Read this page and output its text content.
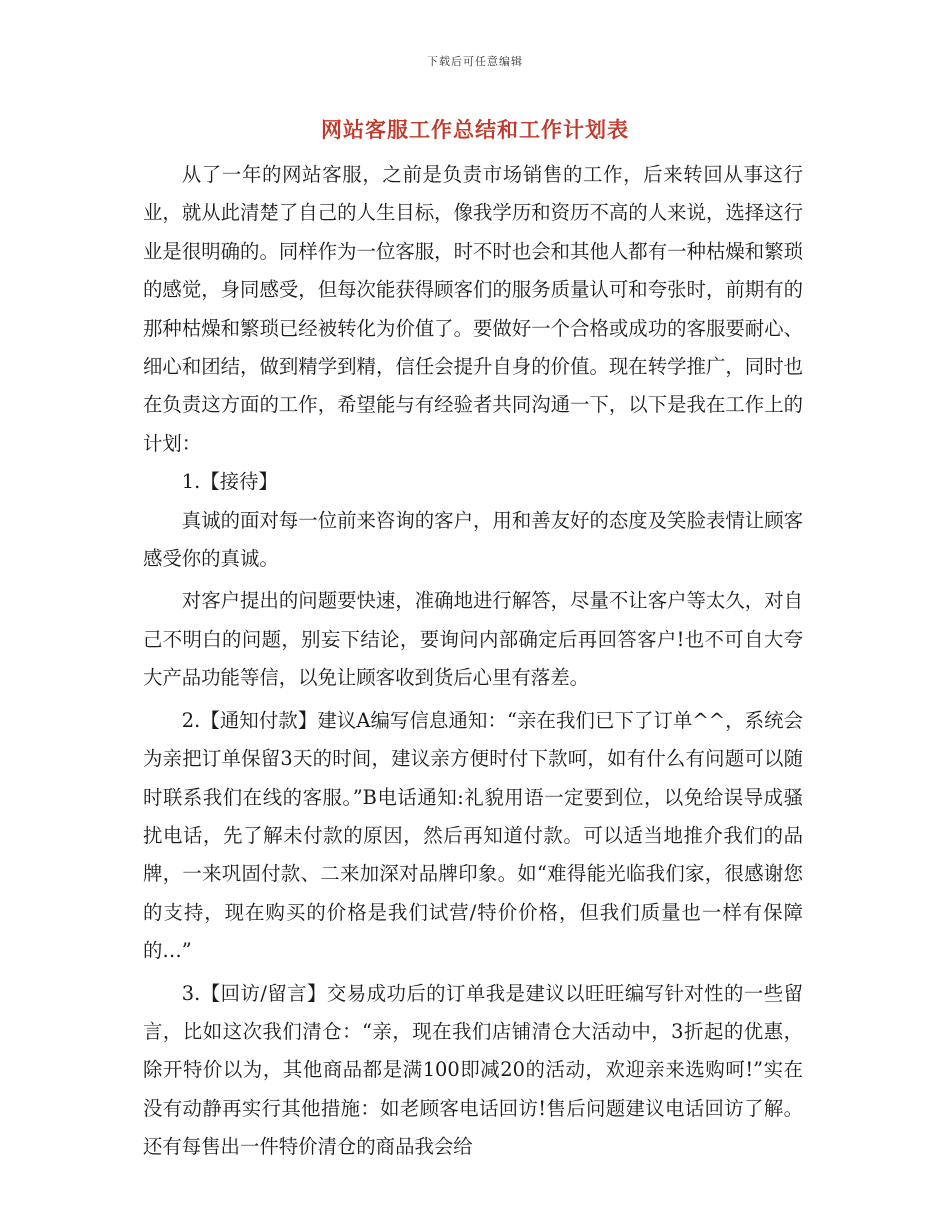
下载后可任意编辑
网站客服工作总结和工作计划表

从了一年的网站客服，之前是负责市场销售的工作，后来转回从事这行业，就从此清楚了自己的人生目标，像我学历和资历不高的人来说，选择这行业是很明确的。同样作为一位客服，时不时也会和其他人都有一种枯燥和繁琐的感觉，身同感受，但每次能获得顾客们的服务质量认可和夸张时，前期有的那种枯燥和繁琐已经被转化为价值了。要做好一个合格或成功的客服要耐心、细心和团结，做到精学到精，信任会提升自身的价值。现在转学推广，同时也在负责这方面的工作，希望能与有经验者共同沟通一下，以下是我在工作上的计划：

1.【接待】

真诚的面对每一位前来咨询的客户，用和善友好的态度及笑脸表情让顾客感受你的真诚。

对客户提出的问题要快速，准确地进行解答，尽量不让客户等太久，对自己不明白的问题，别妄下结论，要询问内部确定后再回答客户!也不可自大夸大产品功能等信，以免让顾客收到货后心里有落差。

2.【通知付款】建议A编写信息通知：“亲在我们已下了订单^^，系统会为亲把订单保留3天的时间，建议亲方便时付下款呵，如有什么有问题可以随时联系我们在线的客服。”B电话通知:礼貌用语一定要到位，以免给误导成骚扰电话，先了解未付款的原因，然后再知道付款。可以适当地推介我们的品牌，一来巩固付款、二来加深对品牌印象。如“难得能光临我们家，很感谢您的支持，现在购买的价格是我们试营/特价价格，但我们质量也一样有保障的…”

3.【回访/留言】交易成功后的订单我是建议以旺旺编写针对性的一些留言，比如这次我们清仓：“亲，现在我们店铺清仓大活动中，3折起的优惠，除开特价以为，其他商品都是满100即减20的活动，欢迎亲来选购呵!”实在没有动静再实行其他措施：如老顾客电话回访!售后问题建议电话回访了解。还有每售出一件特价清仓的商品我会给
